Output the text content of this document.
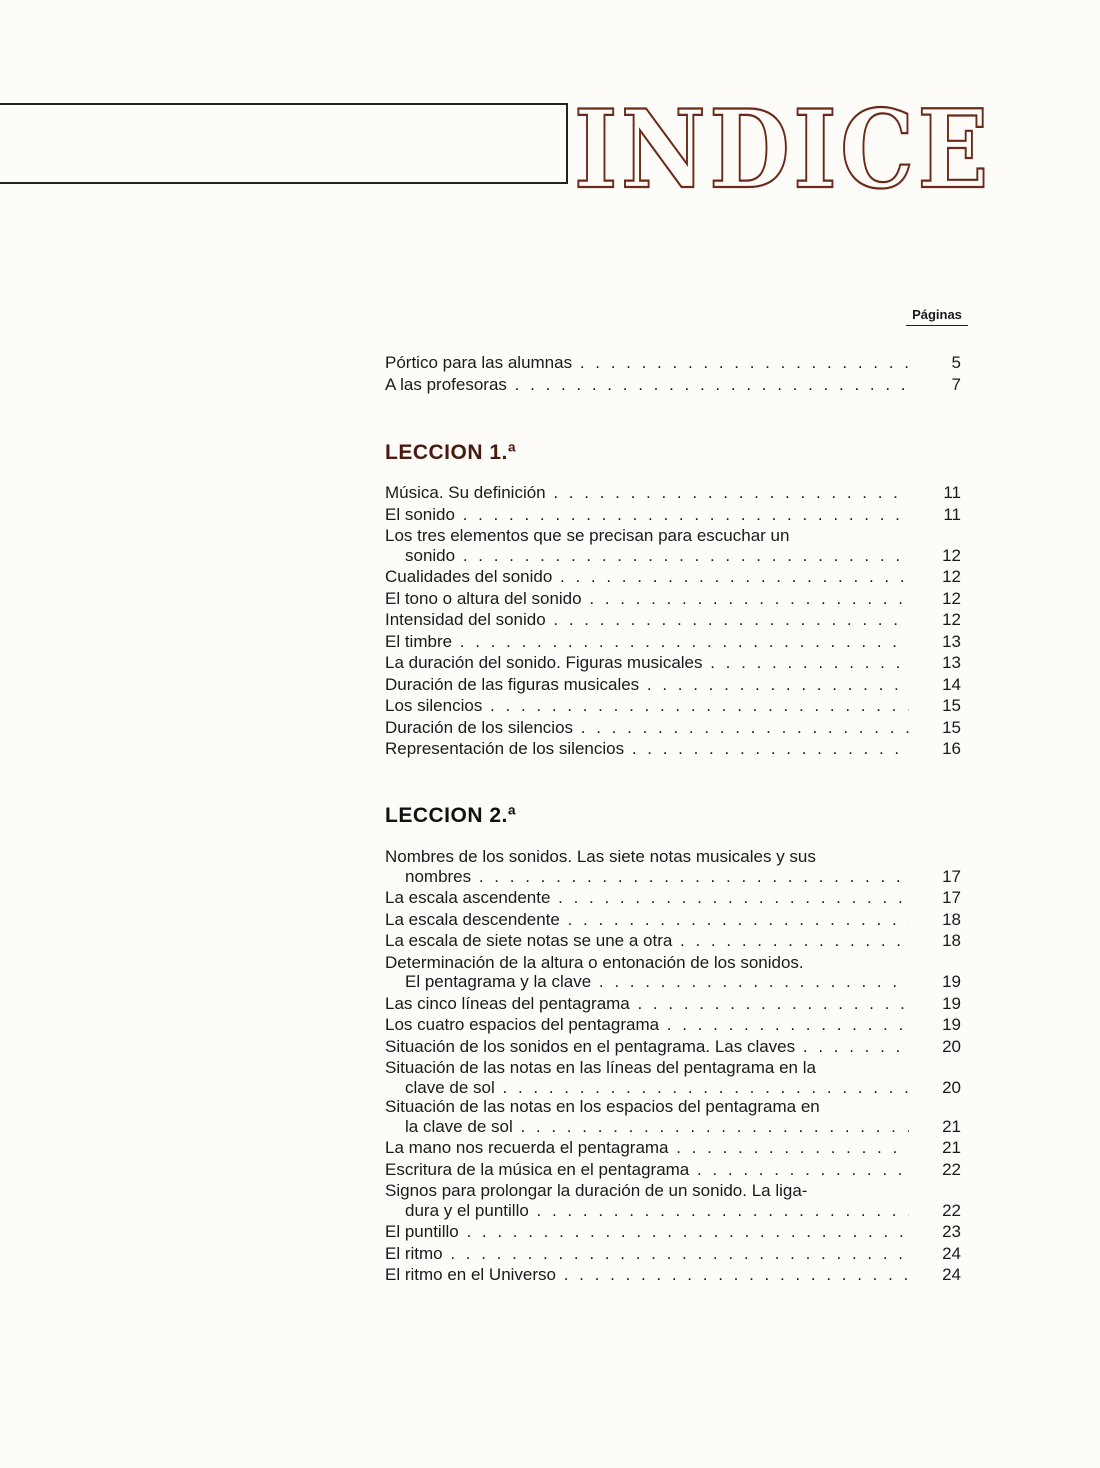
INDICE
Páginas
Pórtico para las alumnas . . .	5
A las profesoras . . .	7
LECCION 1.ª
Música. Su definición . . .	11
El sonido . . .	11
Los tres elementos que se precisan para escuchar un
sonido . . .	12
Cualidades del sonido . . .	12
El tono o altura del sonido . . .	12
Intensidad del sonido . . .	12
El timbre . . .	13
La duración del sonido. Figuras musicales . . .	13
Duración de las figuras musicales . . .	14
Los silencios . . .	15
Duración de los silencios . . .	15
Representación de los silencios . . .	16
LECCION 2.ª
Nombres de los sonidos. Las siete notas musicales y sus
nombres . . .	17
La escala ascendente . . .	17
La escala descendente . . .	18
La escala de siete notas se une a otra . . .	18
Determinación de la altura o entonación de los sonidos.
El pentagrama y la clave . . .	19
Las cinco líneas del pentagrama . . .	19
Los cuatro espacios del pentagrama . . .	19
Situación de los sonidos en el pentagrama. Las claves . . .	20
Situación de las notas en las líneas del pentagrama en la
clave de sol . . .	20
Situación de las notas en los espacios del pentagrama en
la clave de sol . . .	21
La mano nos recuerda el pentagrama . . .	21
Escritura de la música en el pentagrama . . .	22
Signos para prolongar la duración de un sonido. La liga-
dura y el puntillo . . .	22
El puntillo . . .	23
El ritmo . . .	24
El ritmo en el Universo . . .	24
